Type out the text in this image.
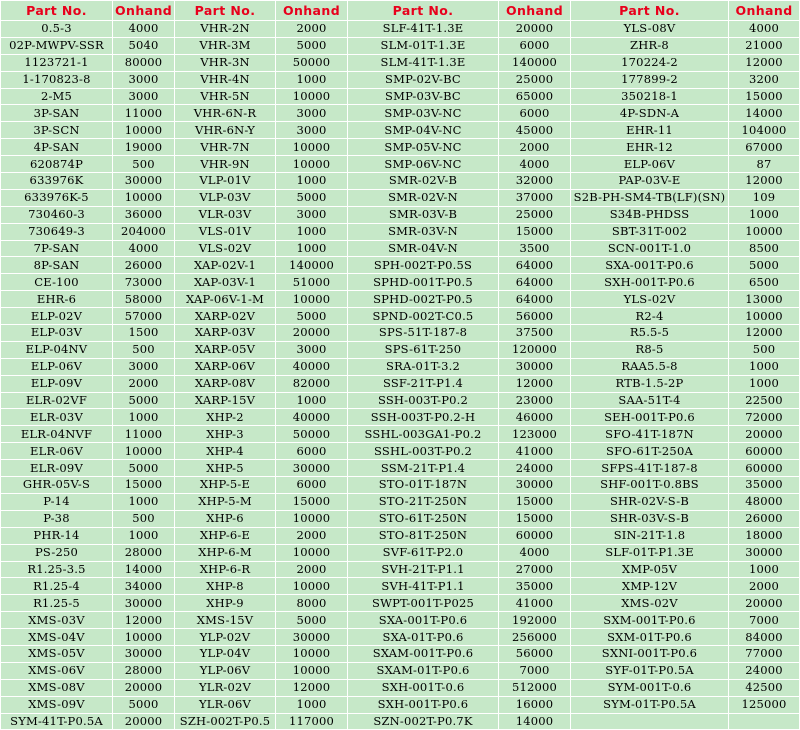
Part No.	Onhand	Part No.	Onhand	Part No.	Onhand	Part No.	Onhand
0.5-3	4000	VHR-2N	2000	SLF-41T-1.3E	20000	YLS-08V	4000
02P-MWPV-SSR	5040	VHR-3M	5000	SLM-01T-1.3E	6000	ZHR-8	21000
1123721-1	80000	VHR-3N	50000	SLM-41T-1.3E	140000	170224-2	12000
1-170823-8	3000	VHR-4N	1000	SMP-02V-BC	25000	177899-2	3200
2-M5	3000	VHR-5N	10000	SMP-03V-BC	65000	350218-1	15000
3P-SAN	11000	VHR-6N-R	3000	SMP-03V-NC	6000	4P-SDN-A	14000
3P-SCN	10000	VHR-6N-Y	3000	SMP-04V-NC	45000	EHR-11	104000
4P-SAN	19000	VHR-7N	10000	SMP-05V-NC	2000	EHR-12	67000
620874P	500	VHR-9N	10000	SMP-06V-NC	4000	ELP-06V	87
633976K	30000	VLP-01V	1000	SMR-02V-B	32000	PAP-03V-E	12000
633976K-5	10000	VLP-03V	5000	SMR-02V-N	37000	S2B-PH-SM4-TB(LF)(SN)	109
730460-3	36000	VLR-03V	3000	SMR-03V-B	25000	S34B-PHDSS	1000
730649-3	204000	VLS-01V	1000	SMR-03V-N	15000	SBT-31T-002	10000
7P-SAN	4000	VLS-02V	1000	SMR-04V-N	3500	SCN-001T-1.0	8500
8P-SAN	26000	XAP-02V-1	140000	SPH-002T-P0.5S	64000	SXA-001T-P0.6	5000
CE-100	73000	XAP-03V-1	51000	SPHD-001T-P0.5	64000	SXH-001T-P0.6	6500
EHR-6	58000	XAP-06V-1-M	10000	SPHD-002T-P0.5	64000	YLS-02V	13000
ELP-02V	57000	XARP-02V	5000	SPND-002T-C0.5	56000	R2-4	10000
ELP-03V	1500	XARP-03V	20000	SPS-51T-187-8	37500	R5.5-5	12000
ELP-04NV	500	XARP-05V	3000	SPS-61T-250	120000	R8-5	500
ELP-06V	3000	XARP-06V	40000	SRA-01T-3.2	30000	RAA5.5-8	1000
ELP-09V	2000	XARP-08V	82000	SSF-21T-P1.4	12000	RTB-1.5-2P	1000
ELR-02VF	5000	XARP-15V	1000	SSH-003T-P0.2	23000	SAA-51T-4	22500
ELR-03V	1000	XHP-2	40000	SSH-003T-P0.2-H	46000	SEH-001T-P0.6	72000
ELR-04NVF	11000	XHP-3	50000	SSHL-003GA1-P0.2	123000	SFO-41T-187N	20000
ELR-06V	10000	XHP-4	6000	SSHL-003T-P0.2	41000	SFO-61T-250A	60000
ELR-09V	5000	XHP-5	30000	SSM-21T-P1.4	24000	SFPS-41T-187-8	60000
GHR-05V-S	15000	XHP-5-E	6000	STO-01T-187N	30000	SHF-001T-0.8BS	35000
P-14	1000	XHP-5-M	15000	STO-21T-250N	15000	SHR-02V-S-B	48000
P-38	500	XHP-6	10000	STO-61T-250N	15000	SHR-03V-S-B	26000
PHR-14	1000	XHP-6-E	2000	STO-81T-250N	60000	SIN-21T-1.8	18000
PS-250	28000	XHP-6-M	10000	SVF-61T-P2.0	4000	SLF-01T-P1.3E	30000
R1.25-3.5	14000	XHP-6-R	2000	SVH-21T-P1.1	27000	XMP-05V	1000
R1.25-4	34000	XHP-8	10000	SVH-41T-P1.1	35000	XMP-12V	2000
R1.25-5	30000	XHP-9	8000	SWPT-001T-P025	41000	XMS-02V	20000
XMS-03V	12000	XMS-15V	5000	SXA-001T-P0.6	192000	SXM-001T-P0.6	7000
XMS-04V	10000	YLP-02V	30000	SXA-01T-P0.6	256000	SXM-01T-P0.6	84000
XMS-05V	30000	YLP-04V	10000	SXAM-001T-P0.6	56000	SXNI-001T-P0.6	77000
XMS-06V	28000	YLP-06V	10000	SXAM-01T-P0.6	7000	SYF-01T-P0.5A	24000
XMS-08V	20000	YLR-02V	12000	SXH-001T-0.6	512000	SYM-001T-0.6	42500
XMS-09V	5000	YLR-06V	1000	SXH-001T-P0.6	16000	SYM-01T-P0.5A	125000
SYM-41T-P0.5A	20000	SZH-002T-P0.5	117000	SZN-002T-P0.7K	14000		
